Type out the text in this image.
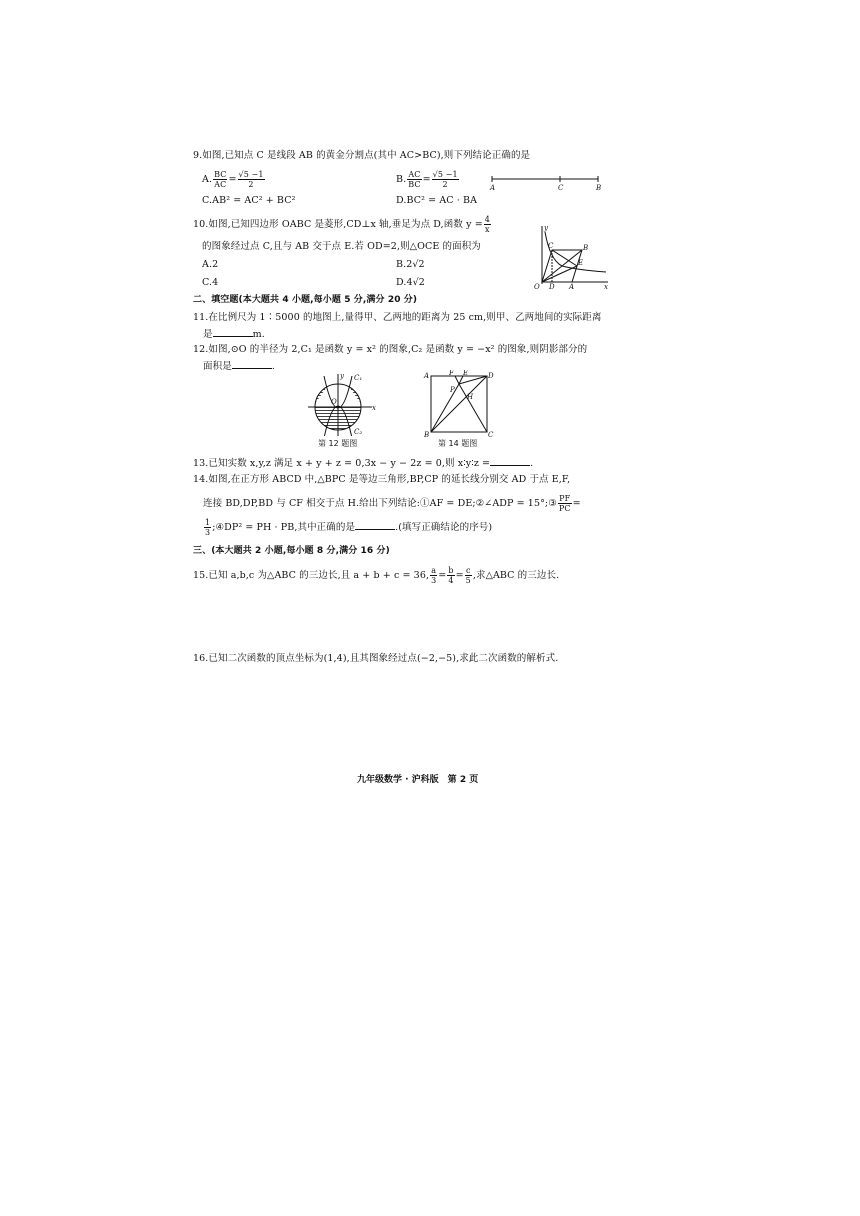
9.如图,已知点 C 是线段 AB 的黄金分割点(其中 AC>BC),则下列结论正确的是
A. $\frac{BC}{AC} = \frac{√5 -1}{2}$	B. $\frac{AC}{BC} = \frac{√5 -1}{2}$	A	C	B
C.AB² = AC² + BC²	D.BC² = AC · BA
10.如图,已知四边形 OABC 是菱形,CD⊥x 轴,垂足为点 D,函数 $y = \frac{4}{x}$
的图象经过点 C,且与 AB 交于点 E.若 OD=2,则△OCE 的面积为
A.2	B.2√2
C.4	D.4√2
y
C	B
E
O D A	x
二、填空题(本大题共 4 小题,每小题 5 分,满分 20 分)
11.在比例尺为 1∶5000 的地图上,量得甲、乙两地的距离为 25 cm,则甲、乙两地间的实际距离
是	m.
12.如图,⊙O 的半径为 2,C₁ 是函数 y = x² 的图象,C₂ 是函数 y = −x² 的图象,则阴影部分的
面积是	.
y C₁
O
x
C₂
第 12 题图
A	F E	D
P
H
B	C
第 14 题图
13.已知实数 x,y,z 满足 x + y + z = 0,3x − y − 2z = 0,则 x∶y∶z =	.
14.如图,在正方形 ABCD 中,△BPC 是等边三角形,BP,CP 的延长线分别交 AD 于点 E,F,
连接 BD,DP,BD 与 CF 相交于点 H.给出下列结论:①AF = DE;②∠ADP = 15°;③ $\frac{PF}{PC}$ =
$\frac{1}{3}$ ;④DP² = PH · PB,其中正确的是	.(填写正确结论的序号)
三、(本大题共 2 小题,每小题 8 分,满分 16 分)
15.已知 a,b,c 为△ABC 的三边长,且 a + b + c = 36, $\frac{a}{3} = \frac{b}{4} = \frac{c}{5}$ ,求△ABC 的三边长.
16.已知二次函数的顶点坐标为(1,4),且其图象经过点(−2,−5),求此二次函数的解析式.
九年级数学 · 沪科版　第 2 页
